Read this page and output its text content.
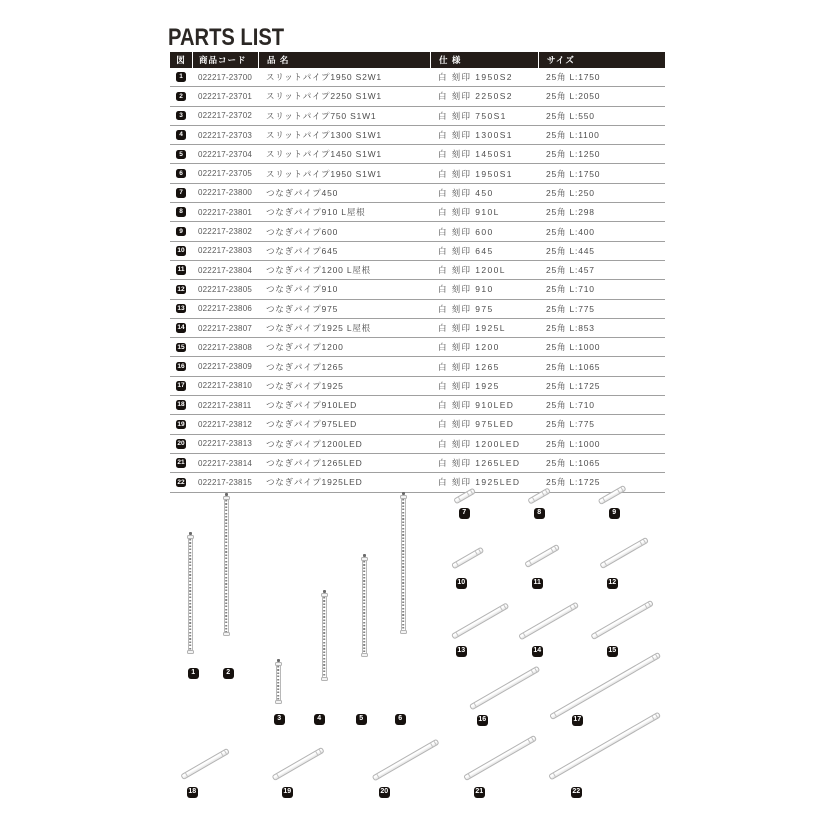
PARTS LIST
図	商品コード	品 名	仕 様	サイズ
1	022217-23700	スリットパイプ1950 S2W1	白 刻印 1950S2	25角 L:1750
2	022217-23701	スリットパイプ2250 S1W1	白 刻印 2250S2	25角 L:2050
3	022217-23702	スリットパイプ750 S1W1	白 刻印 750S1	25角 L:550
4	022217-23703	スリットパイプ1300 S1W1	白 刻印 1300S1	25角 L:1100
5	022217-23704	スリットパイプ1450 S1W1	白 刻印 1450S1	25角 L:1250
6	022217-23705	スリットパイプ1950 S1W1	白 刻印 1950S1	25角 L:1750
7	022217-23800	つなぎパイプ450	白 刻印 450	25角 L:250
8	022217-23801	つなぎパイプ910 L屋根	白 刻印 910L	25角 L:298
9	022217-23802	つなぎパイプ600	白 刻印 600	25角 L:400
10	022217-23803	つなぎパイプ645	白 刻印 645	25角 L:445
11	022217-23804	つなぎパイプ1200 L屋根	白 刻印 1200L	25角 L:457
12	022217-23805	つなぎパイプ910	白 刻印 910	25角 L:710
13	022217-23806	つなぎパイプ975	白 刻印 975	25角 L:775
14	022217-23807	つなぎパイプ1925 L屋根	白 刻印 1925L	25角 L:853
15	022217-23808	つなぎパイプ1200	白 刻印 1200	25角 L:1000
16	022217-23809	つなぎパイプ1265	白 刻印 1265	25角 L:1065
17	022217-23810	つなぎパイプ1925	白 刻印 1925	25角 L:1725
18	022217-23811	つなぎパイプ910LED	白 刻印 910LED	25角 L:710
19	022217-23812	つなぎパイプ975LED	白 刻印 975LED	25角 L:775
20	022217-23813	つなぎパイプ1200LED	白 刻印 1200LED	25角 L:1000
21	022217-23814	つなぎパイプ1265LED	白 刻印 1265LED	25角 L:1065
22	022217-23815	つなぎパイプ1925LED	白 刻印 1925LED	25角 L:1725
1	2
3	4	5	6
7	8	9
10	11	12
13	14	15
16	17
18	19	20	21	22
